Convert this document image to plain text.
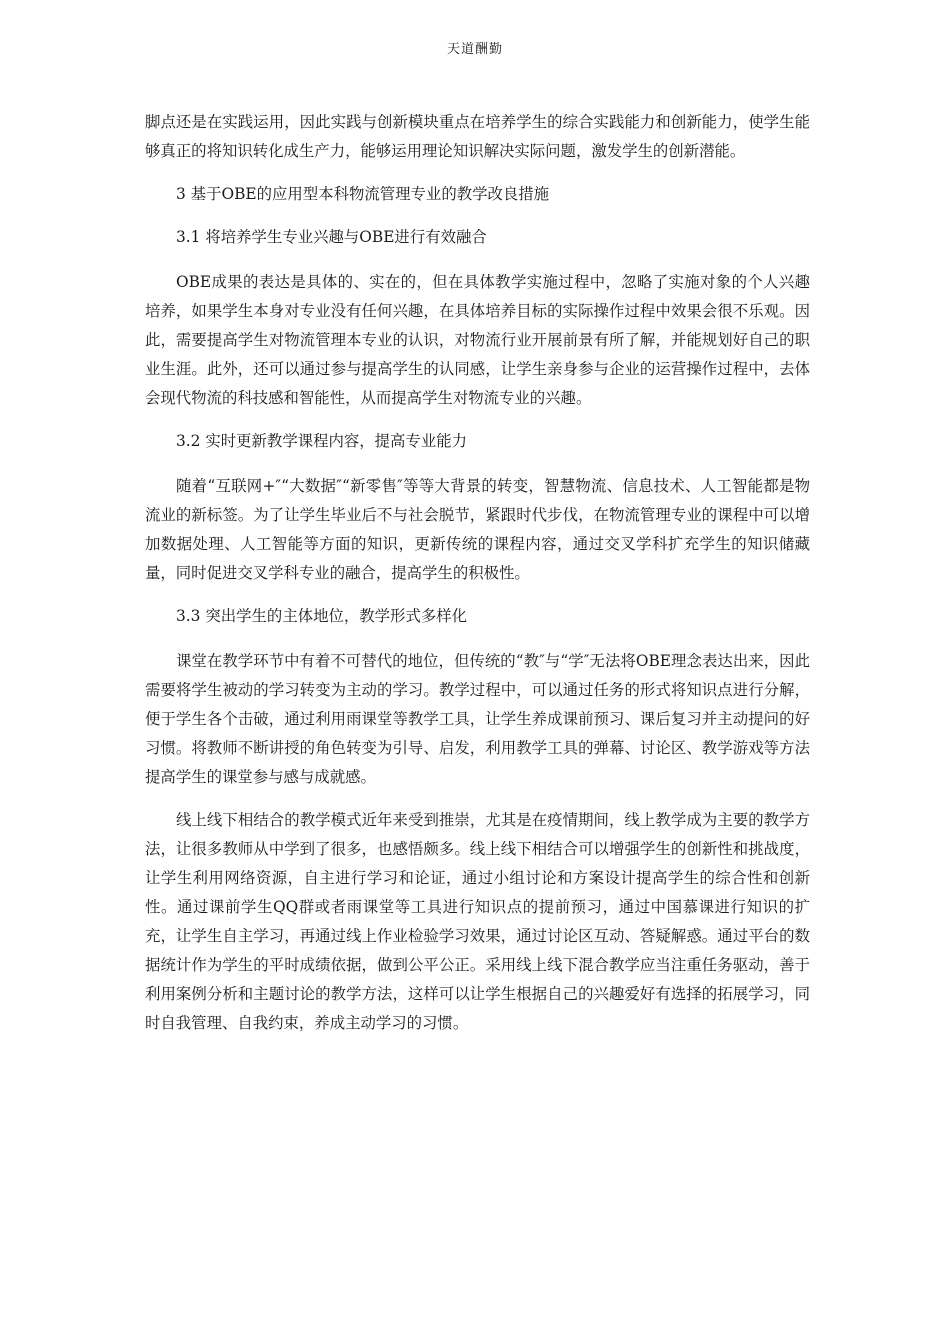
天道酬勤

脚点还是在实践运用，因此实践与创新模块重点在培养学生的综合实践能力和创新能力，使学生能够真正的将知识转化成生产力，能够运用理论知识解决实际问题，激发学生的创新潜能。

3 基于OBE的应用型本科物流管理专业的教学改良措施

3.1 将培养学生专业兴趣与OBE进行有效融合

OBE成果的表达是具体的、实在的，但在具体教学实施过程中，忽略了实施对象的个人兴趣培养，如果学生本身对专业没有任何兴趣，在具体培养目标的实际操作过程中效果会很不乐观。因此，需要提高学生对物流管理本专业的认识，对物流行业开展前景有所了解，并能规划好自己的职业生涯。此外，还可以通过参与提高学生的认同感，让学生亲身参与企业的运营操作过程中，去体会现代物流的科技感和智能性，从而提高学生对物流专业的兴趣。

3.2 实时更新教学课程内容，提高专业能力

随着“互联网+″“大数据″“新零售″等等大背景的转变，智慧物流、信息技术、人工智能都是物流业的新标签。为了让学生毕业后不与社会脱节，紧跟时代步伐，在物流管理专业的课程中可以增加数据处理、人工智能等方面的知识，更新传统的课程内容，通过交叉学科扩充学生的知识储藏量，同时促进交叉学科专业的融合，提高学生的积极性。

3.3 突出学生的主体地位，教学形式多样化

课堂在教学环节中有着不可替代的地位，但传统的“教″与“学″无法将OBE理念表达出来，因此需要将学生被动的学习转变为主动的学习。教学过程中，可以通过任务的形式将知识点进行分解，便于学生各个击破，通过利用雨课堂等教学工具，让学生养成课前预习、课后复习并主动提问的好习惯。将教师不断讲授的角色转变为引导、启发，利用教学工具的弹幕、讨论区、教学游戏等方法提高学生的课堂参与感与成就感。

线上线下相结合的教学模式近年来受到推崇，尤其是在疫情期间，线上教学成为主要的教学方法，让很多教师从中学到了很多，也感悟颇多。线上线下相结合可以增强学生的创新性和挑战度，让学生利用网络资源，自主进行学习和论证，通过小组讨论和方案设计提高学生的综合性和创新性。通过课前学生QQ群或者雨课堂等工具进行知识点的提前预习，通过中国慕课进行知识的扩充，让学生自主学习，再通过线上作业检验学习效果，通过讨论区互动、答疑解惑。通过平台的数据统计作为学生的平时成绩依据，做到公平公正。采用线上线下混合教学应当注重任务驱动，善于利用案例分析和主题讨论的教学方法，这样可以让学生根据自己的兴趣爱好有选择的拓展学习，同时自我管理、自我约束，养成主动学习的习惯。
